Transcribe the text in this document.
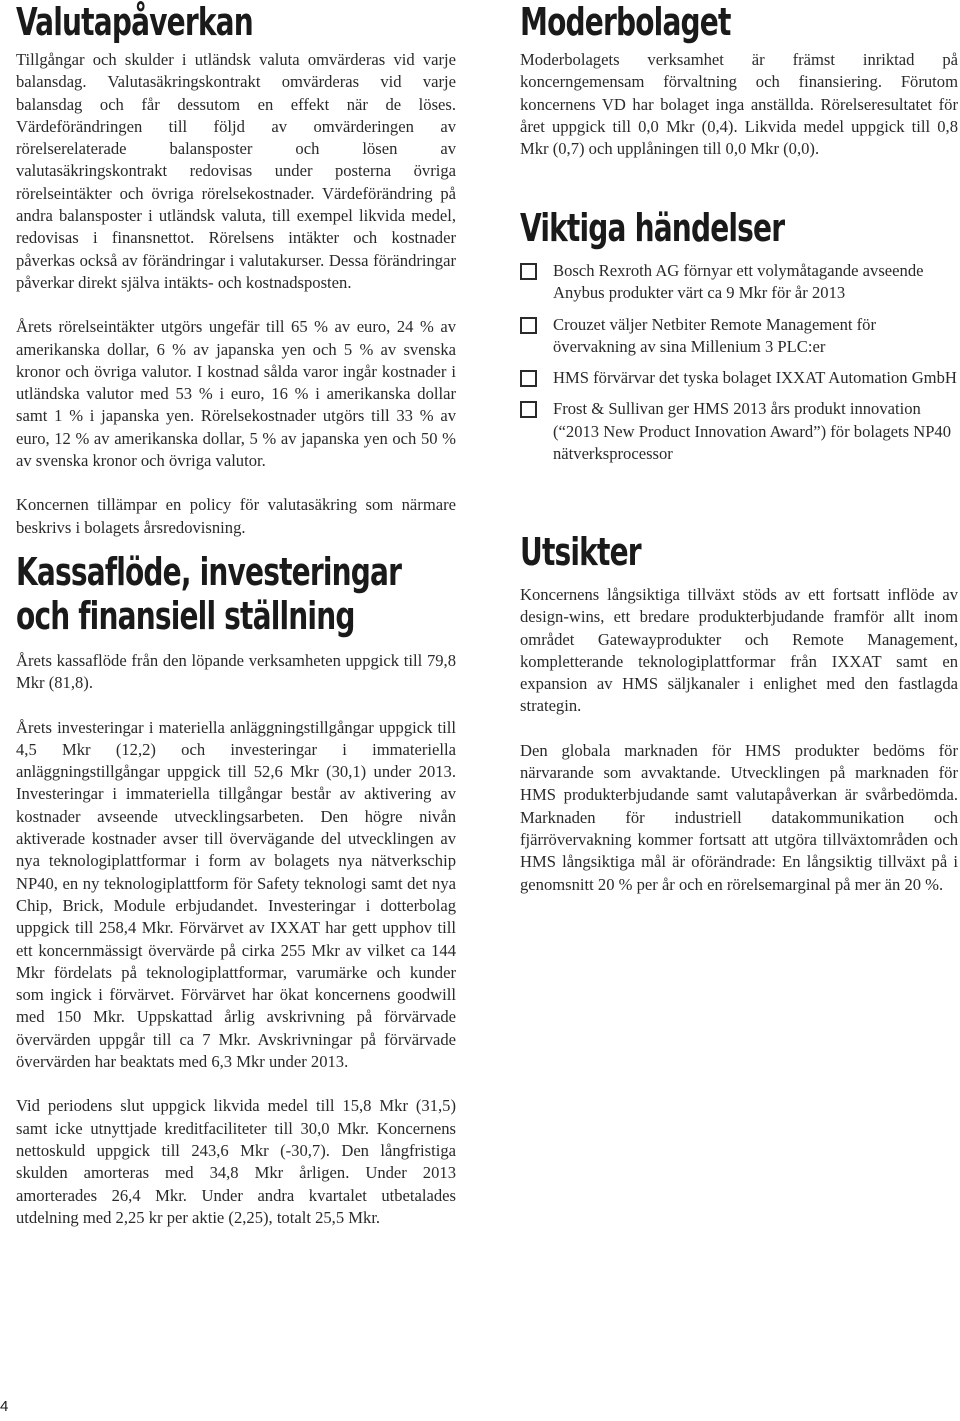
Valutapåverkan

Tillgångar och skulder i utländsk valuta omvärderas vid varje balansdag. Valutasäkringskontrakt omvärderas vid varje balansdag och får dessutom en effekt när de löses. Värdeförändringen till följd av omvärderingen av rörelserelaterade balansposter och lösen av valutasäkringskontrakt redovisas under posterna övriga rörelseintäkter och övriga rörelsekostnader. Värdeförändring på andra balansposter i utländsk valuta, till exempel likvida medel, redovisas i finansnettot. Rörelsens intäkter och kostnader påverkas också av förändringar i valutakurser. Dessa förändringar påverkar direkt själva intäkts- och kostnadsposten.

Årets rörelseintäkter utgörs ungefär till 65 % av euro, 24 % av amerikanska dollar, 6 % av japanska yen och 5 % av svenska kronor och övriga valutor. I kostnad sålda varor ingår kostnader i utländska valutor med 53 % i euro, 16 % i amerikanska dollar samt 1 % i japanska yen. Rörelsekostnader utgörs till 33 % av euro, 12 % av amerikanska dollar, 5 % av japanska yen och 50 % av svenska kronor och övriga valutor.

Koncernen tillämpar en policy för valutasäkring som närmare beskrivs i bolagets årsredovisning.

Kassaflöde, investeringar
och finansiell ställning

Årets kassaflöde från den löpande verksamheten uppgick till 79,8 Mkr (81,8).

Årets investeringar i materiella anläggningstillgångar uppgick till 4,5 Mkr (12,2) och investeringar i immateriella anläggningstillgångar uppgick till 52,6 Mkr (30,1) under 2013. Investeringar i immateriella tillgångar består av aktivering av kostnader avseende utvecklingsarbeten. Den högre nivån aktiverade kostnader avser till övervägande del utvecklingen av nya teknologiplattformar i form av bolagets nya nätverkschip NP40, en ny teknologiplattform för Safety teknologi samt det nya Chip, Brick, Module erbjudandet. Investeringar i dotterbolag uppgick till 258,4 Mkr. Förvärvet av IXXAT har gett upphov till ett koncernmässigt övervärde på cirka 255 Mkr av vilket ca 144 Mkr fördelats på teknologiplattformar, varumärke och kunder som ingick i förvärvet. Förvärvet har ökat koncernens goodwill med 150 Mkr. Uppskattad årlig avskrivning på förvärvade övervärden uppgår till ca 7 Mkr. Avskrivningar på förvärvade övervärden har beaktats med 6,3 Mkr under 2013.

Vid periodens slut uppgick likvida medel till 15,8 Mkr (31,5) samt icke utnyttjade kreditfaciliteter till 30,0 Mkr. Koncernens nettoskuld uppgick till 243,6 Mkr (-30,7). Den långfristiga skulden amorteras med 34,8 Mkr årligen. Under 2013 amorterades 26,4 Mkr. Under andra kvartalet utbetalades utdelning med 2,25 kr per aktie (2,25), totalt 25,5 Mkr.

Moderbolaget

Moderbolagets verksamhet är främst inriktad på koncerngemensam förvaltning och finansiering. Förutom koncernens VD har bolaget inga anställda. Rörelseresultatet för året uppgick till 0,0 Mkr (0,4). Likvida medel uppgick till 0,8 Mkr (0,7) och upplåningen till 0,0 Mkr (0,0).

Viktiga händelser
Bosch Rexroth AG förnyar ett volymåtagande avseende Anybus produkter värt ca 9 Mkr för år 2013
Crouzet väljer Netbiter Remote Management för övervakning av sina Millenium 3 PLC:er
HMS förvärvar det tyska bolaget IXXAT Automation GmbH
Frost & Sullivan ger HMS 2013 års produkt innovation (“2013 New Product Innovation Award”) för bolagets NP40 nätverksprocessor
Utsikter

Koncernens långsiktiga tillväxt stöds av ett fortsatt inflöde av design-wins, ett bredare produkterbjudande framför allt inom området Gatewayprodukter och Remote Management, kompletterande teknologiplattformar från IXXAT samt en expansion av HMS säljkanaler i enlighet med den fastlagda strategin.

Den globala marknaden för HMS produkter bedöms för närvarande som avvaktande. Utvecklingen på marknaden för HMS produkterbjudande samt valutapåverkan är svårbedömda. Marknaden för industriell datakommunikation och fjärrövervakning kommer fortsatt att utgöra tillväxtområden och HMS långsiktiga mål är oförändrade: En långsiktig tillväxt på i genomsnitt 20 % per år och en rörelsemarginal på mer än 20 %.

4
